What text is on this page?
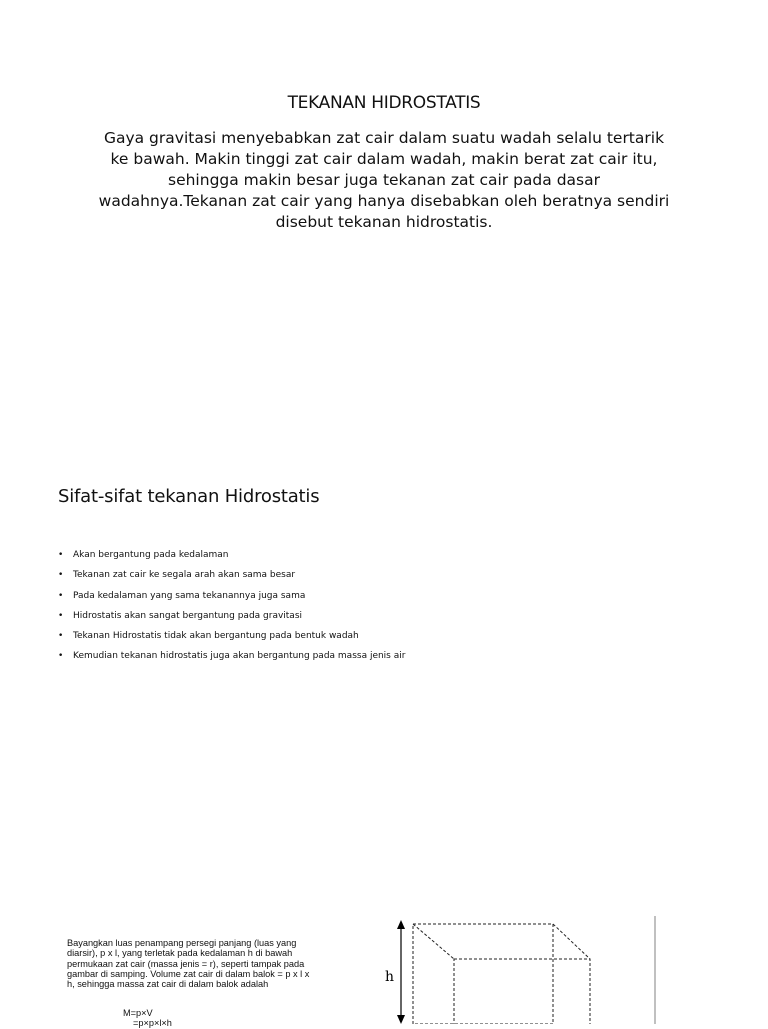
TEKANAN HIDROSTATIS
Gaya gravitasi menyebabkan zat cair dalam suatu wadah selalu tertarik ke bawah. Makin tinggi zat cair dalam wadah, makin berat zat cair itu, sehingga makin besar juga tekanan zat cair pada dasar wadahnya.Tekanan zat cair yang hanya disebabkan oleh beratnya sendiri disebut tekanan hidrostatis.
Sifat-sifat tekanan Hidrostatis
• Akan bergantung pada kedalaman
• Tekanan zat cair ke segala arah akan sama besar
• Pada kedalaman yang sama tekanannya juga sama
• Hidrostatis akan sangat bergantung pada gravitasi
• Tekanan Hidrostatis tidak akan bergantung pada bentuk wadah
• Kemudian tekanan hidrostatis juga akan bergantung pada massa jenis air
Bayangkan luas penampang persegi panjang (luas yang diarsir), p x l, yang terletak pada kedalaman h di bawah permukaan zat cair (massa jenis = r), seperti tampak pada gambar di samping. Volume zat cair di dalam balok = p x l x h, sehingga massa zat cair di dalam balok adalah
M=p×V
=p×p×l×h
h
